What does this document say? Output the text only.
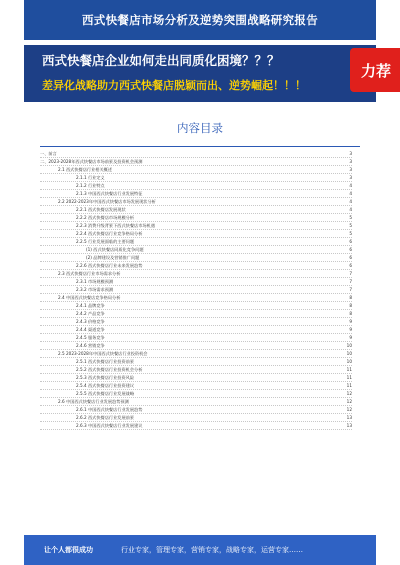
西式快餐店市场分析及逆势突围战略研究报告
西式快餐店企业如何走出同质化困境？？？
差异化战略助力西式快餐店脱颖而出、逆势崛起！！！
力荐
内容目录
一、前言	3
二、2023-2028年西式快餐店市场前景及投资机会预测	3
2.1 西式快餐店行业相关概述	3
2.1.1 行业定义	3
2.1.2 行业特点	4
2.1.3 中国西式快餐店行业发展特征	4
2.2 2022-2023年中国西式快餐店市场发展现状分析	4
2.2.1 西式快餐店发展现状	4
2.2.2 西式快餐店市场规模分析	5
2.2.3 消费升级背景下西式快餐店市场机遇	5
2.2.4 西式快餐店行业竞争格局分析	5
2.2.5 行业发展面临的主要问题	6
(1) 西式快餐店同质化竞争问题	6
(2) 品牌建设及营销推广问题	6
2.2.6 西式快餐店行业未来发展趋势	6
2.3 西式快餐店行业市场需求分析	7
2.3.1 市场规模预测	7
2.3.2 市场需求预测	7
2.4 中国西式快餐店竞争格局分析	8
2.4.1 品牌竞争	8
2.4.2 产品竞争	8
2.4.3 价格竞争	9
2.4.4 渠道竞争	9
2.4.5 服务竞争	9
2.4.6 营销竞争	10
2.5 2023-2028年中国西式快餐店行业投资机会	10
2.5.1 西式快餐店行业投资前景	10
2.5.2 西式快餐店行业投资机会分析	11
2.5.3 西式快餐店行业投资风险	11
2.5.4 西式快餐店行业投资建议	11
2.5.5 西式快餐店行业发展战略	12
2.6 中国西式快餐店行业发展趋势预测	12
2.6.1 中国西式快餐店行业发展趋势	12
2.6.2 西式快餐店行业发展前景	13
2.6.3 中国西式快餐店行业发展建议	13
让个人都很成功	行业专家，管理专家，营销专家，战略专家，运营专家……
